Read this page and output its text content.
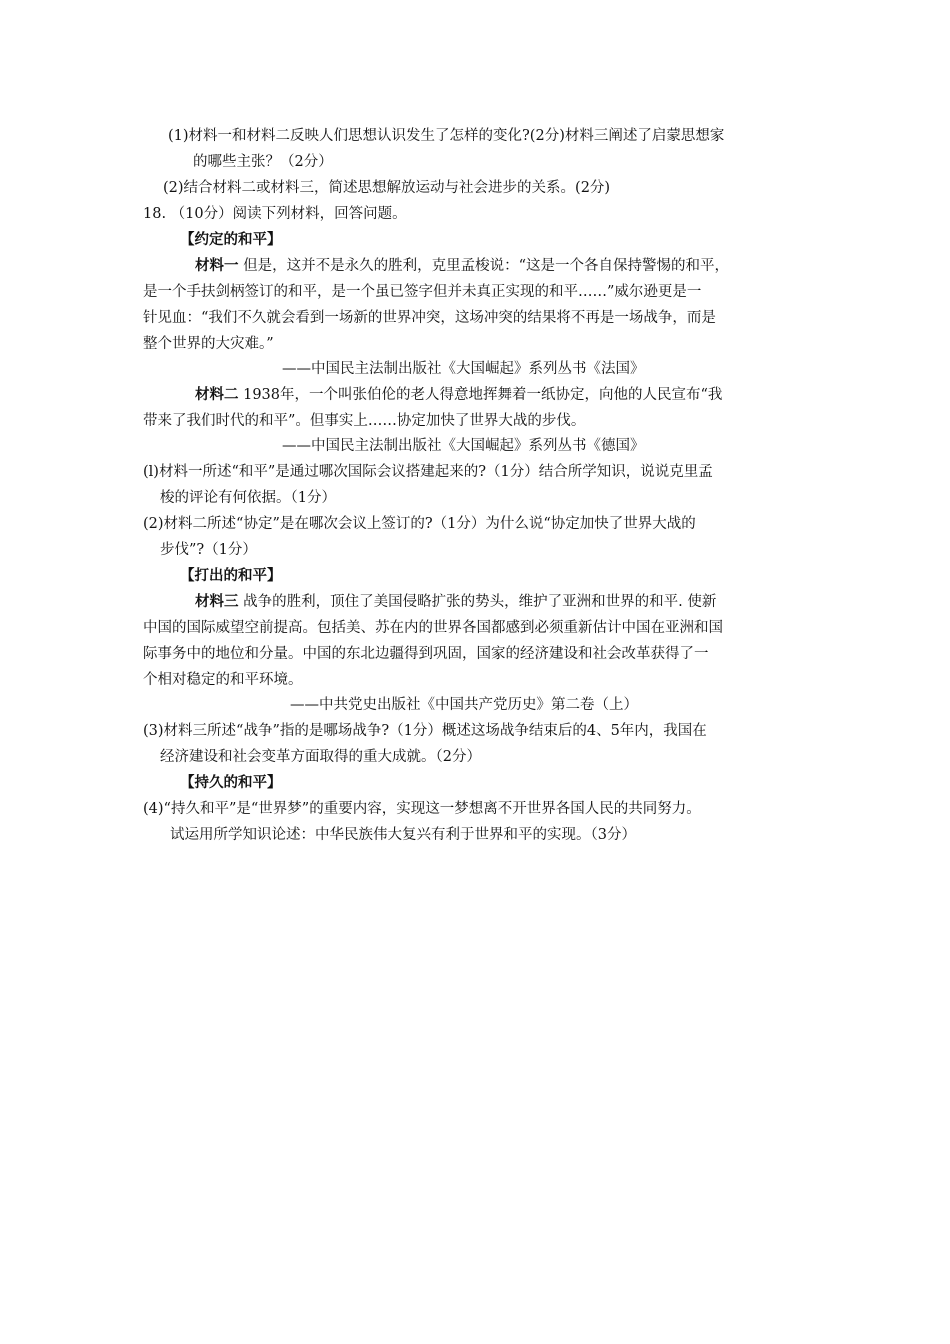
(1)材料一和材料二反映人们思想认识发生了怎样的变化?(2分)材料三阐述了启蒙思想家
的哪些主张？（2分）
(2)结合材料二或材料三，简述思想解放运动与社会进步的关系。(2分)
18. （10分）阅读下列材料，回答问题。
【约定的和平】
材料一 但是，这并不是永久的胜利，克里孟梭说：“这是一个各自保持警惕的和平，
是一个手扶剑柄签订的和平，是一个虽已签字但并未真正实现的和平……”威尔逊更是一
针见血：“我们不久就会看到一场新的世界冲突，这场冲突的结果将不再是一场战争，而是
整个世界的大灾难。”
——中国民主法制出版社《大国崛起》系列丛书《法国》
材料二 1938年，一个叫张伯伦的老人得意地挥舞着一纸协定，向他的人民宣布“我
带来了我们时代的和平”。但事实上……协定加快了世界大战的步伐。
——中国民主法制出版社《大国崛起》系列丛书《德国》
(l)材料一所述“和平”是通过哪次国际会议搭建起来的?（1分）结合所学知识，说说克里孟
梭的评论有何依据。（1分）
(2)材料二所述“协定”是在哪次会议上签订的?（1分）为什么说“协定加快了世界大战的
步伐”?（1分）
【打出的和平】
材料三 战争的胜利，顶住了美国侵略扩张的势头，维护了亚洲和世界的和平. 使新
中国的国际威望空前提高。包括美、苏在内的世界各国都感到必须重新估计中国在亚洲和国
际事务中的地位和分量。中国的东北边疆得到巩固，国家的经济建设和社会改革获得了一
个相对稳定的和平环境。
——中共党史出版社《中国共产党历史》第二卷（上）
(3)材料三所述“战争”指的是哪场战争?（1分）概述这场战争结束后的4、5年内，我国在
经济建设和社会变革方面取得的重大成就。（2分）
【持久的和平】
(4)“持久和平”是“世界梦”的重要内容，实现这一梦想离不开世界各国人民的共同努力。
试运用所学知识论述：中华民族伟大复兴有利于世界和平的实现。（3分）
